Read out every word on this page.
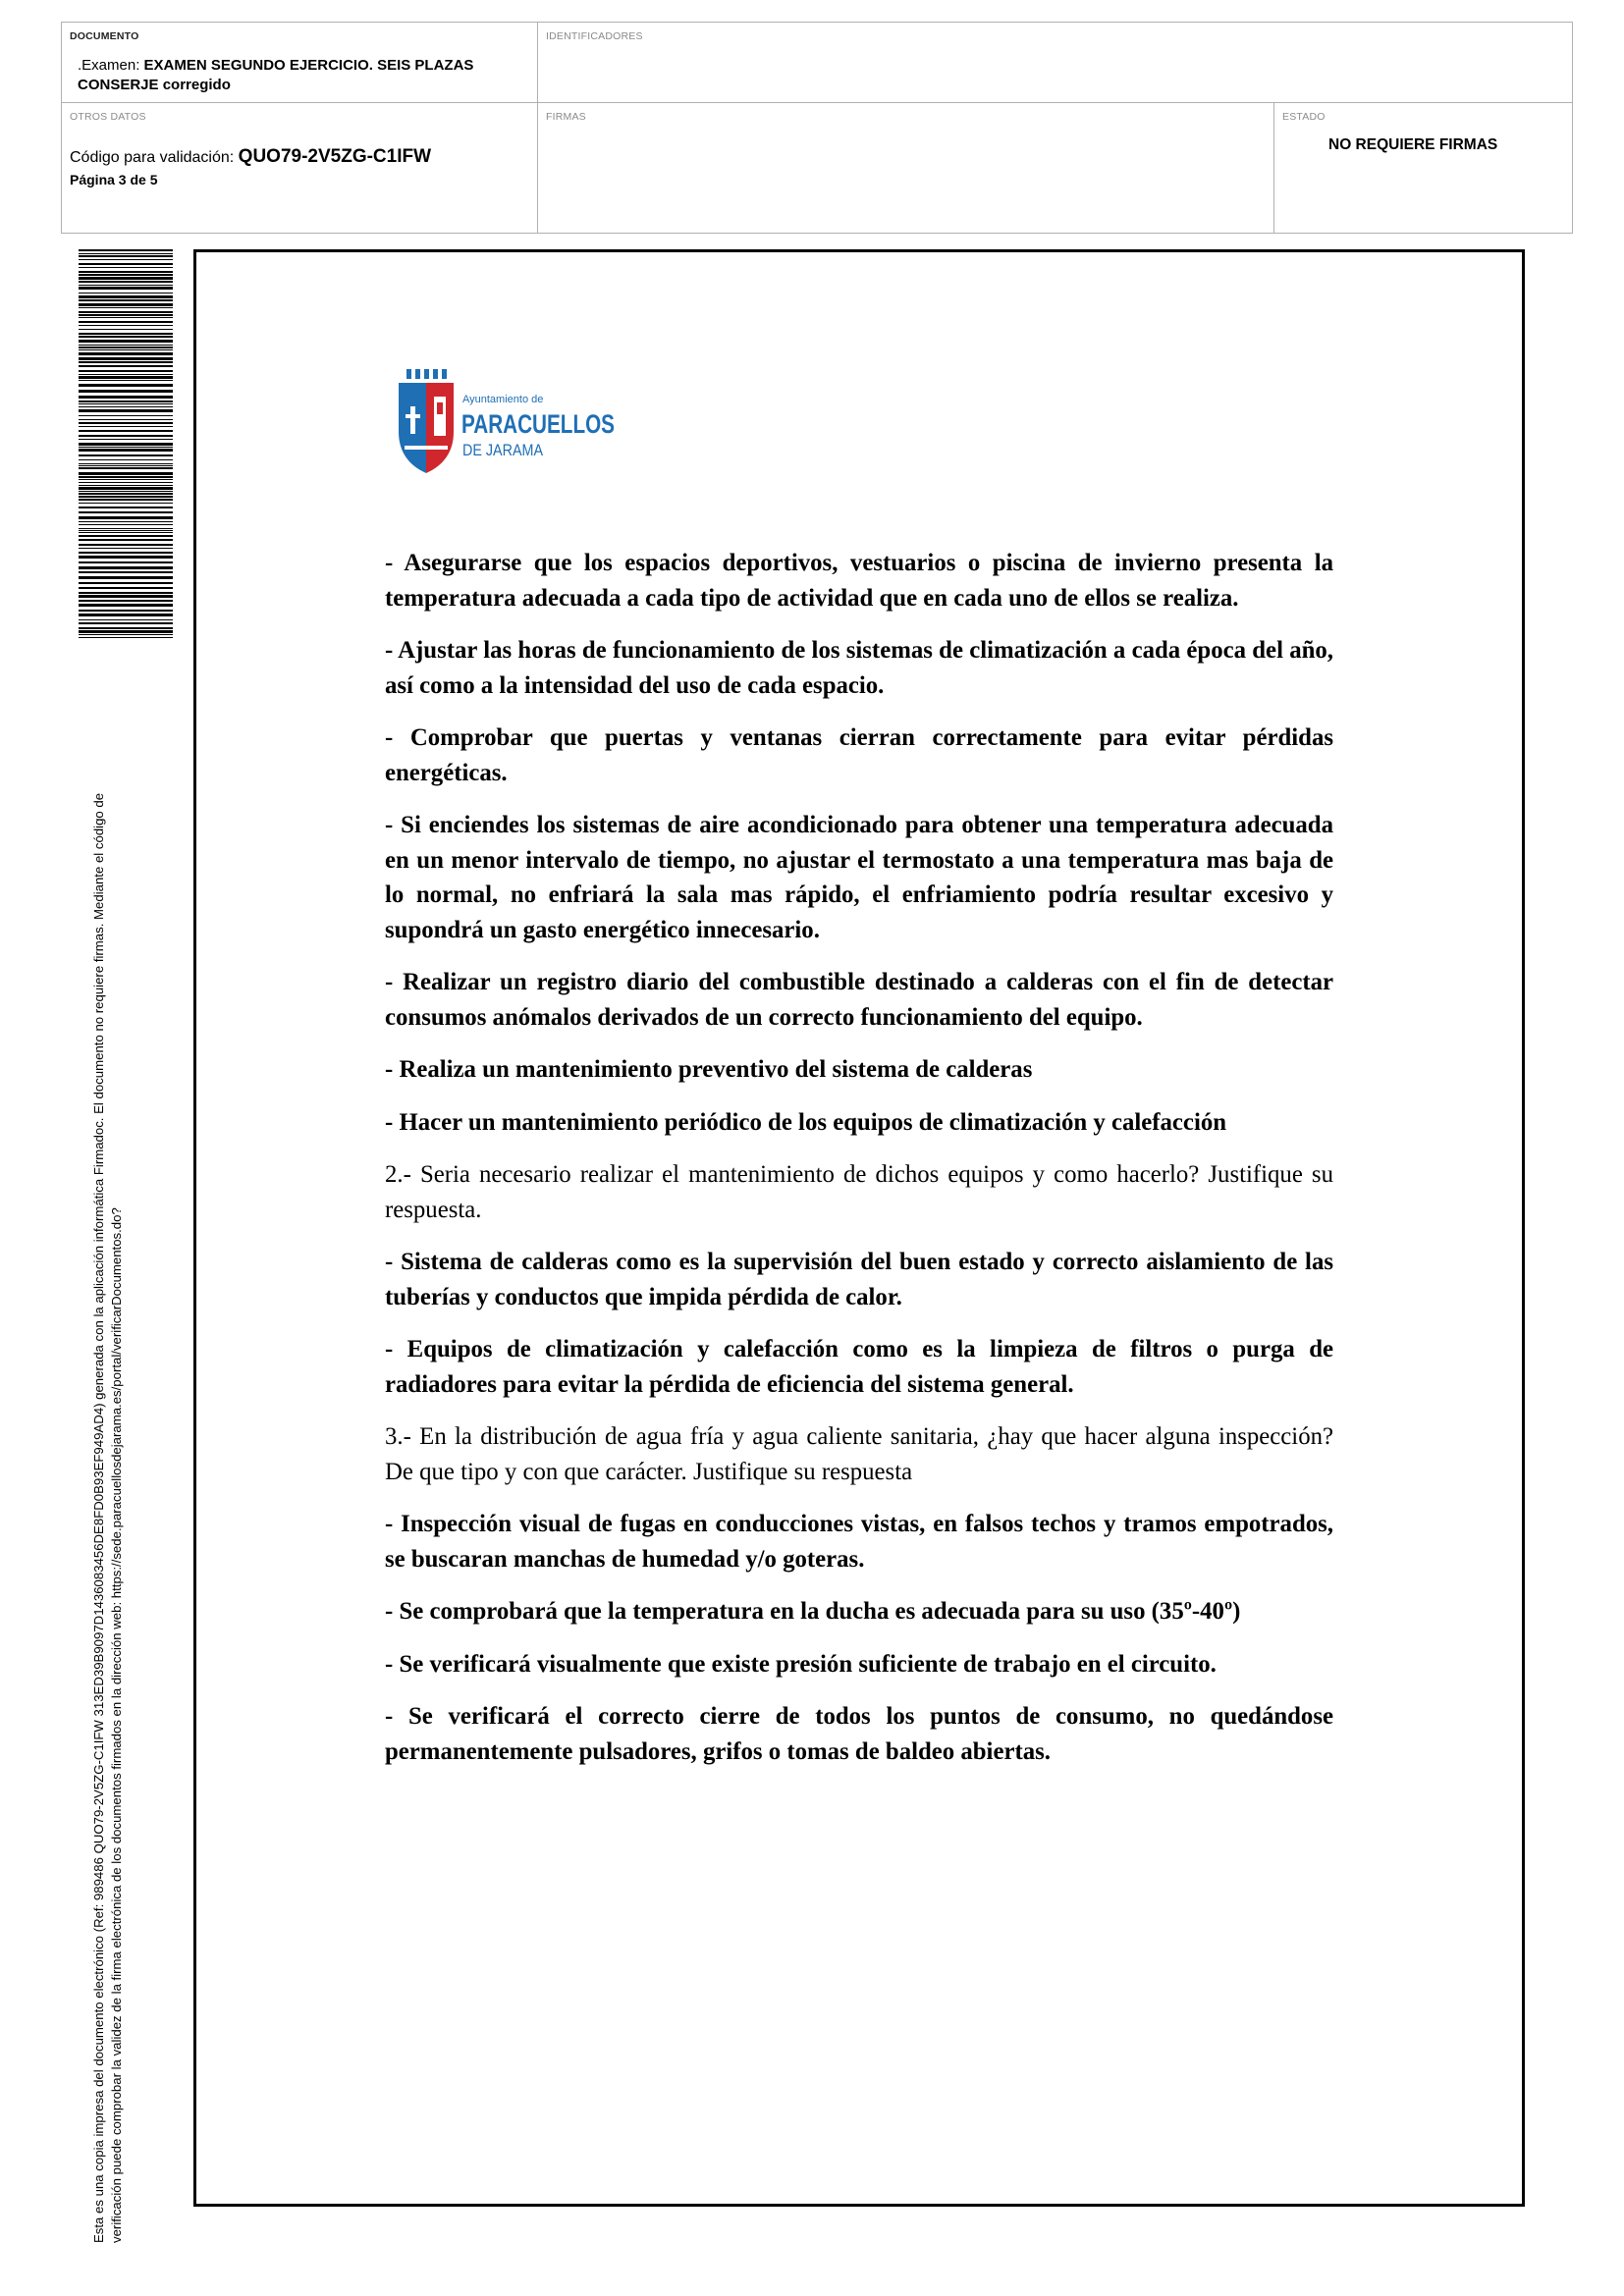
DOCUMENTO
.Examen: EXAMEN SEGUNDO EJERCICIO. SEIS PLAZAS CONSERJE corregido
IDENTIFICADORES
OTROS DATOS
Código para validación: QUO79-2V5ZG-C1IFW
Página 3 de 5
FIRMAS	ESTADO
NO REQUIERE FIRMAS
Esta es una copia impresa del documento electrónico (Ref: 989486 QUO79-2V5ZG-C1IFW 313ED39B9097D1436083456DE8FD0B93EF949AD4) generada con la aplicación informática Firmadoc. El documento no requiere firmas. Mediante el código de verificación puede comprobar la validez de la firma electrónica de los documentos firmados en la dirección web: https://sede.paracuellosdejarama.es/portal/verificarDocumentos.do?
Ayuntamiento de
PARACUELLOS
DE JARAMA

- Asegurarse que los espacios deportivos, vestuarios o piscina de invierno presenta la temperatura adecuada a cada tipo de actividad que en cada uno de ellos se realiza.

- Ajustar las horas de funcionamiento de los sistemas de climatización a cada época del año, así como a la intensidad del uso de cada espacio.

- Comprobar que puertas y ventanas cierran correctamente para evitar pérdidas energéticas.

- Si enciendes los sistemas de aire acondicionado para obtener una temperatura adecuada en un menor intervalo de tiempo, no ajustar el termostato a una temperatura mas baja de lo normal, no enfriará la sala mas rápido, el enfriamiento podría resultar excesivo y supondrá un gasto energético innecesario.

- Realizar un registro diario del combustible destinado a calderas con el fin de detectar consumos anómalos derivados de un correcto funcionamiento del equipo.

- Realiza un mantenimiento preventivo del sistema de calderas

- Hacer un mantenimiento periódico de los equipos de climatización y calefacción

2.- Seria necesario realizar el mantenimiento de dichos equipos y como hacerlo? Justifique su respuesta.

- Sistema de calderas como es la supervisión del buen estado y correcto aislamiento de las tuberías y conductos que impida pérdida de calor.

- Equipos de climatización y calefacción como es la limpieza de filtros o purga de radiadores para evitar la pérdida de eficiencia del sistema general.

3.- En la distribución de agua fría y agua caliente sanitaria, ¿hay que hacer alguna inspección? De que tipo y con que carácter. Justifique su respuesta

- Inspección visual de fugas en conducciones vistas, en falsos techos y tramos empotrados, se buscaran manchas de humedad y/o goteras.

- Se comprobará que la temperatura en la ducha es adecuada para su uso (35º-40º)

- Se verificará visualmente que existe presión suficiente de trabajo en el circuito.

- Se verificará el correcto cierre de todos los puntos de consumo, no quedándose permanentemente pulsadores, grifos o tomas de baldeo abiertas.
